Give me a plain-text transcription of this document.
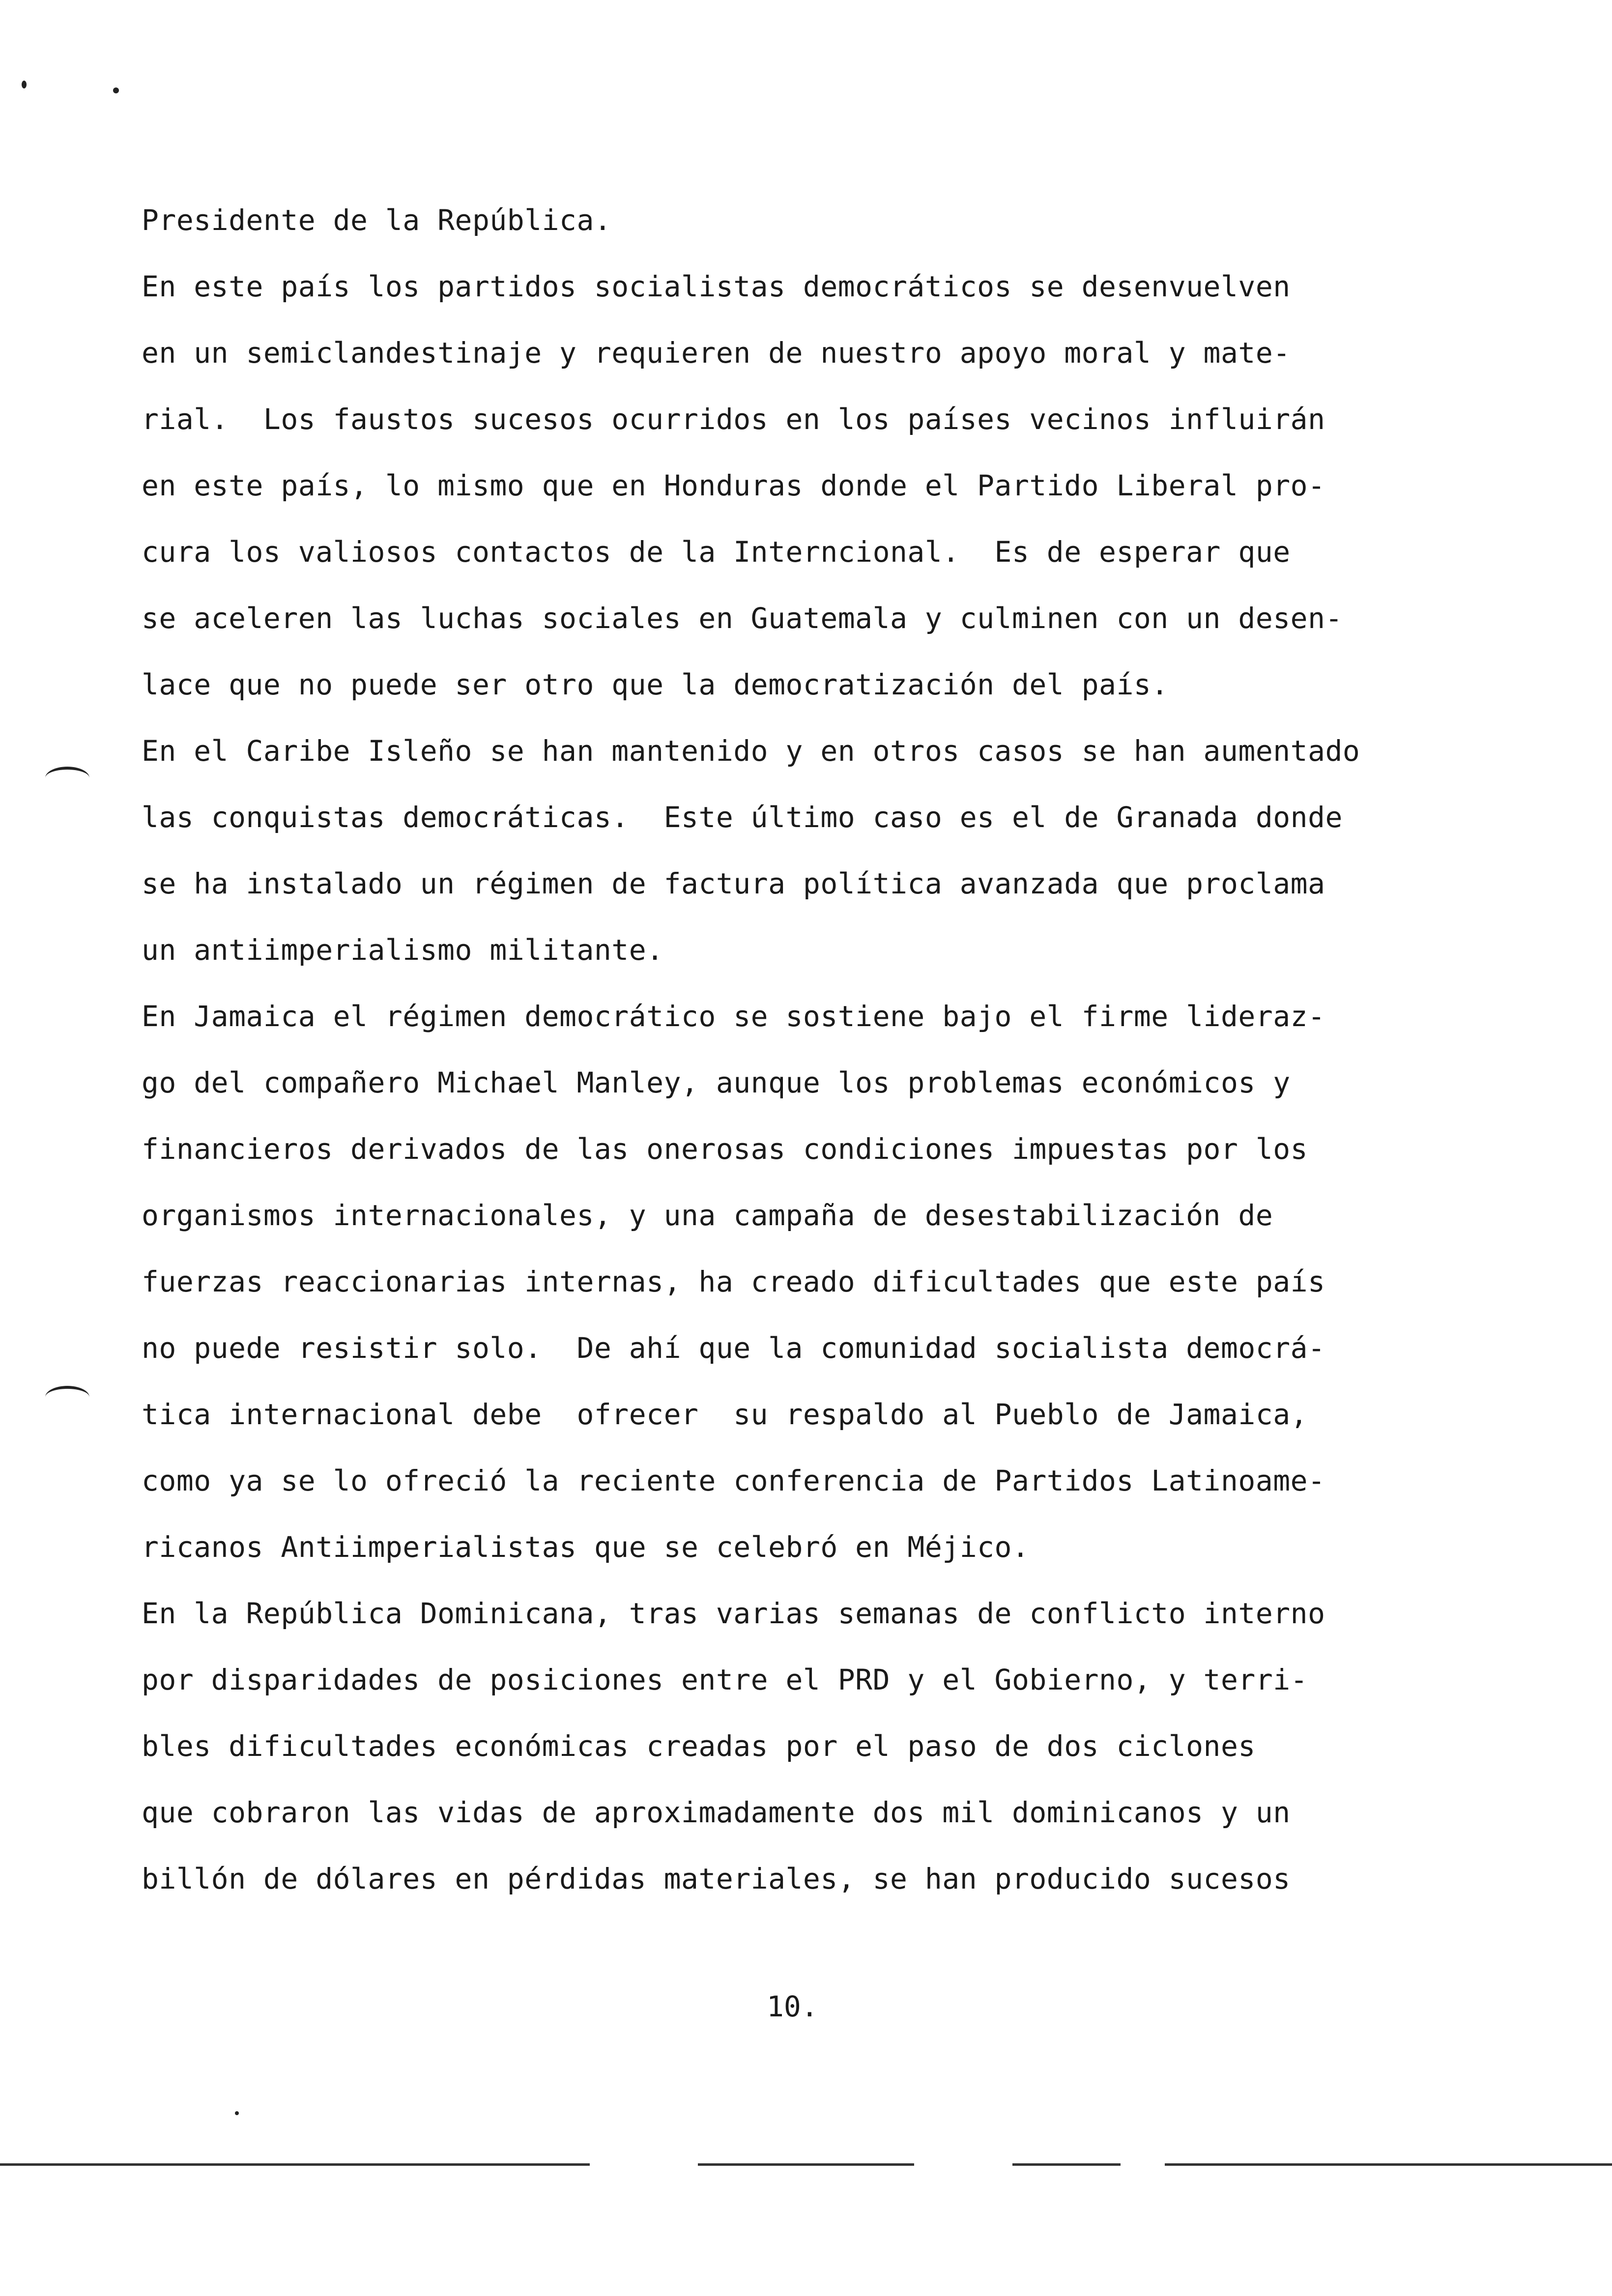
Presidente de la República.
En este país los partidos socialistas democráticos se desenvuelven
en un semiclandestinaje y requieren de nuestro apoyo moral y mate-
rial.  Los faustos sucesos ocurridos en los países vecinos influirán
en este país, lo mismo que en Honduras donde el Partido Liberal pro-
cura los valiosos contactos de la Interncional.  Es de esperar que
se aceleren las luchas sociales en Guatemala y culminen con un desen-
lace que no puede ser otro que la democratización del país.
En el Caribe Isleño se han mantenido y en otros casos se han aumentado
las conquistas democráticas.  Este último caso es el de Granada donde
se ha instalado un régimen de factura política avanzada que proclama
un antiimperialismo militante.
En Jamaica el régimen democrático se sostiene bajo el firme lideraz-
go del compañero Michael Manley, aunque los problemas económicos y
financieros derivados de las onerosas condiciones impuestas por los
organismos internacionales, y una campaña de desestabilización de
fuerzas reaccionarias internas, ha creado dificultades que este país
no puede resistir solo.  De ahí que la comunidad socialista democrá-
tica internacional debe  ofrecer  su respaldo al Pueblo de Jamaica,
como ya se lo ofreció la reciente conferencia de Partidos Latinoame-
ricanos Antiimperialistas que se celebró en Méjico.
En la República Dominicana, tras varias semanas de conflicto interno
por disparidades de posiciones entre el PRD y el Gobierno, y terri-
bles dificultades económicas creadas por el paso de dos ciclones
que cobraron las vidas de aproximadamente dos mil dominicanos y un
billón de dólares en pérdidas materiales, se han producido sucesos
10.
